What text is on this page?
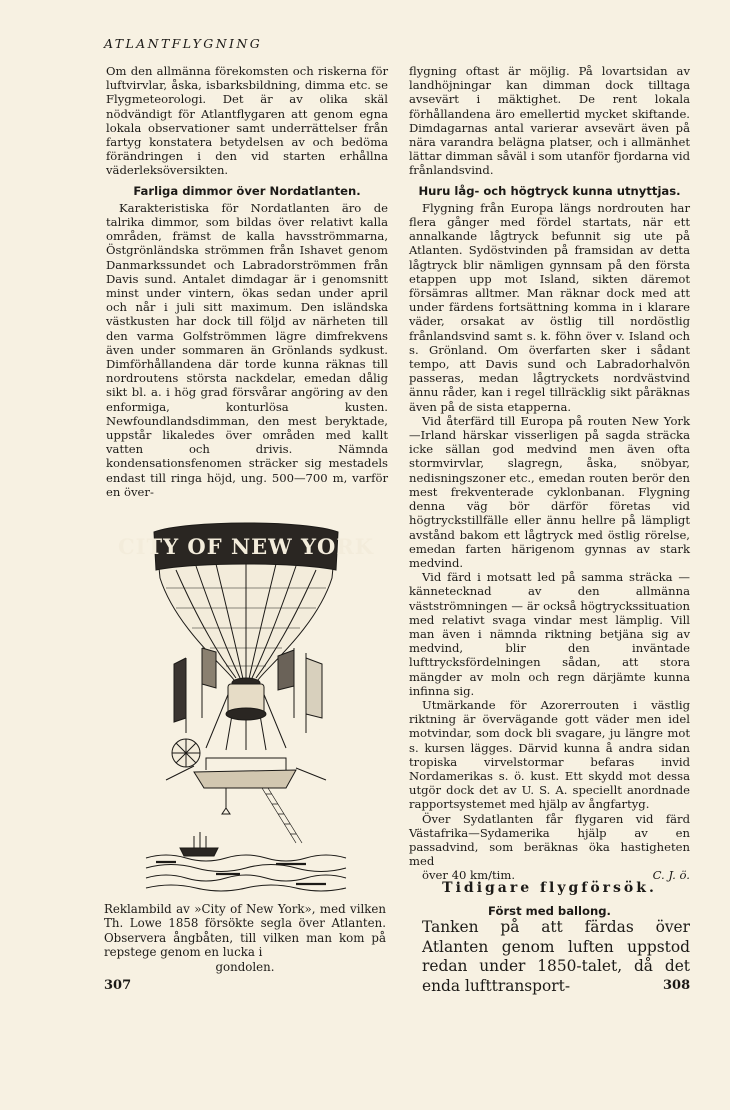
ATLANTFLYGNING

Om den allmänna förekomsten och riskerna för luftvirvlar, åska, isbarksbildning, dimma etc. se Flygmeteorologi. Det är av olika skäl nödvändigt för Atlantflygaren att genom egna lokala observationer samt underrättelser från fartyg konstatera betydelsen av och bedöma förändringen i den vid starten erhållna väderleksöversikten.

Farliga dimmor över Nordatlanten.

Karakteristiska för Nordatlanten äro de talrika dimmor, som bildas över relativt kalla områden, främst de kalla havsströmmarna, Östgrönländska strömmen från Ishavet genom Danmarkssundet och Labradorströmmen från Davis sund. Antalet dimdagar är i genomsnitt minst under vintern, ökas sedan under april och når i juli sitt maximum. Den isländska västkusten har dock till följd av närheten till den varma Golfströmmen lägre dimfrekvens även under sommaren än Grönlands sydkust. Dimförhållandena där torde kunna räknas till nordroutens största nackdelar, emedan dålig sikt bl. a. i hög grad försvårar angöring av den enformiga, konturlösa kusten. Newfoundlandsdimman, den mest beryktade, uppstår likaledes över områden med kallt vatten och drivis. Nämnda kondensationsfenomen sträcker sig mestadels endast till ringa höjd, ung. 500—700 m, varför en över-

CITY OF NEW YORK
Reklambild av »City of New York», med vilken Th. Lowe 1858 försökte segla över Atlanten. Observera ångbåten, till vilken man kom på repstege genom en lucka i
gondolen.
307

flygning oftast är möjlig. På lovartsidan av landhöjningar kan dimman dock tilltaga avsevärt i mäktighet. De rent lokala förhållandena äro emellertid mycket skiftande. Dimdagarnas antal varierar avsevärt även på nära varandra belägna platser, och i allmänhet lättar dimman såväl i som utanför fjordarna vid frånlandsvind.

Huru låg- och högtryck kunna utnyttjas.

Flygning från Europa längs nordrouten har flera gånger med fördel startats, när ett annalkande lågtryck befunnit sig ute på Atlanten. Sydöstvinden på framsidan av detta lågtryck blir nämligen gynnsam på den första etappen upp mot Island, sikten däremot försämras alltmer. Man räknar dock med att under färdens fortsättning komma in i klarare väder, orsakat av östlig till nordöstlig frånlandsvind samt s. k. föhn över v. Island och s. Grönland. Om överfarten sker i sådant tempo, att Davis sund och Labradorhalvön passeras, medan lågtryckets nordvästvind ännu råder, kan i regel tillräcklig sikt påräknas även på de sista etapperna.

Vid återfärd till Europa på routen New York—Irland härskar visserligen på sagda sträcka icke sällan god medvind men även ofta stormvirvlar, slagregn, åska, snöbyar, nedisningszoner etc., emedan routen berör den mest frekventerade cyklonbanan. Flygning denna väg bör därför företas vid högtryckstillfälle eller ännu hellre på lämpligt avstånd bakom ett lågtryck med östlig rörelse, emedan farten härigenom gynnas av stark medvind.

Vid färd i motsatt led på samma sträcka — kännetecknad av den allmänna västströmningen — är också högtryckssituation med relativt svaga vindar mest lämplig. Vill man även i nämnda riktning betjäna sig av medvind, blir den inväntade lufttrycksfördelningen sådan, att stora mängder av moln och regn därjämte kunna infinna sig.

Utmärkande för Azorerrouten i västlig riktning är övervägande gott väder men idel motvindar, som dock bli svagare, ju längre mot s. kursen lägges. Därvid kunna å andra sidan tropiska virvelstormar befaras invid Nordamerikas s. ö. kust. Ett skydd mot dessa utgör dock det av U. S. A. speciellt anordnade rapportsystemet med hjälp av ångfartyg.

Över Sydatlanten får flygaren vid färd Västafrika—Sydamerika hjälp av en passadvind, som beräknas öka hastigheten med

över 40 km/tim.	C. J. ö.

Tidigare flygförsök.
Först med ballong.

Tanken på att färdas över Atlanten genom luften uppstod redan under 1850-talet, då det enda lufttransport-	308
